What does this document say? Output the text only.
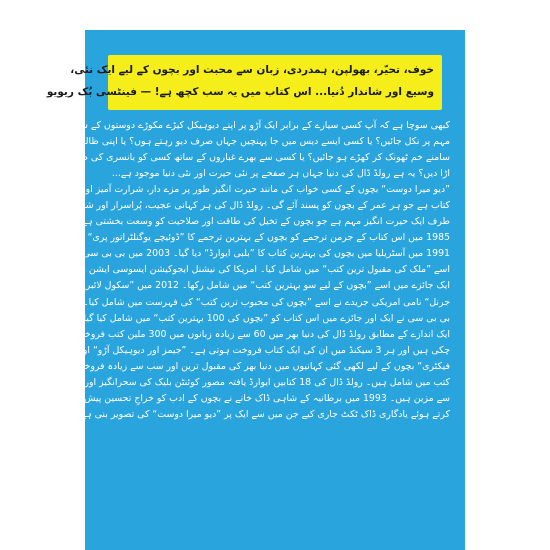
خوف، تحیّر، بھولپن، ہمدردی، زبان سے محبت اور بچوں کے لیے ایک نئی،
وسیع اور شاندار دُنیا... اس کتاب میں یہ سب کچھ ہے! — فینٹسی بُک ریویو
کبھی سوچا ہے کہ آپ کسی سیارے کے برابر ایک آڑو پر اپنے دیوہیکل کیڑے مکوڑے دوستوں کے ساتھ
مہم پر نکل جائیں؟ یا کسی ایسے دیس میں جا پہنچیں جہاں صرف دیو رہتے ہوں؟ یا اپنی ظالم ہیڈمسٹرس کے
سامنے خم ٹھونک کر کھڑے ہو جائیں؟ یا کسی سے بھرے غباروں کے ساتھ کسی کو بانسری کی طرح آسمان کی جانب
اڑا دیں؟ یہ ہے رولڈ ڈال کی دنیا جہاں ہر صفحے پر نئی حیرت اور نئی دنیا موجود ہے...
”دیو میرا دوست“ بچوں کے کسی خواب کی مانند حیرت انگیز طور پر مزے دار، شرارت آمیز اور پُرلطف
کتاب ہے جو ہر عمر کے بچوں کو پسند آئے گی۔ رولڈ ڈال کی ہر کہانی عجیب، پُراسرار اور شاندار دنیاؤں کی
طرف ایک حیرت انگیز مہم ہے جو بچوں کے تخیل کی طاقت اور صلاحیت کو وسعت بخشتی ہے۔
1985 میں اس کتاب کے جرمن ترجمے کو بچوں کے بہترین ترجمے کا ”ڈوئیچے یوگنلٹراتور پری“ اور
1991 میں آسٹریلیا میں بچوں کی بہترین کتاب کا ”بلبی ایوارڈ“ دیا گیا۔ 2003 میں بی بی سی نے
اسے ”ملک کی مقبول ترین کتب“ میں شامل کیا۔ امریکا کی نیشنل ایجوکیشن ایسوسی ایشن نے 2007 کے
ایک جائزے میں اسے ”بچوں کے لیے سو بہترین کتب“ میں شامل رکھا۔ 2012 میں ”سکول لائبریری
جرنل“ نامی امریکی جریدے نے اسے ”بچوں کی محبوب ترین کتب“ کی فہرست میں شامل کیا۔ 2023 میں
بی بی سی نے ایک اور جائزے میں اس کتاب کو ”بچوں کی 100 بہترین کتب“ میں شامل کیا گیا۔
ایک اندازے کے مطابق رولڈ ڈال کی دنیا بھر میں 60 سے زیادہ زبانوں میں 300 ملین کتب فروخت ہو
چکی ہیں اور ہر 3 سیکنڈ میں ان کی ایک کتاب فروخت ہوتی ہے۔ ”جیمز اور دیوہیکل آڑو“ اور ”چارلی اور چاکلیٹ
فیکٹری“ بچوں کے لیے لکھی گئی کہانیوں میں دنیا بھر کی مقبول ترین اور سب سے زیادہ فروخت ہونے والی
کتب میں شامل ہیں۔ رولڈ ڈال کی 18 کتابیں ایوارڈ یافتہ مصور کوئنٹن بلیک کی سحرانگیز اور دلآویز تصاویر
سے مزین ہیں۔ 1993 میں برطانیہ کے شاہی ڈاک خانے نے بچوں کے ادب کو خراجِ تحسین پیش
کرتے ہوئے یادگاری ڈاک ٹکٹ جاری کیے جن میں سے ایک پر ”دیو میرا دوست“ کی تصویر بنی ہے۔
